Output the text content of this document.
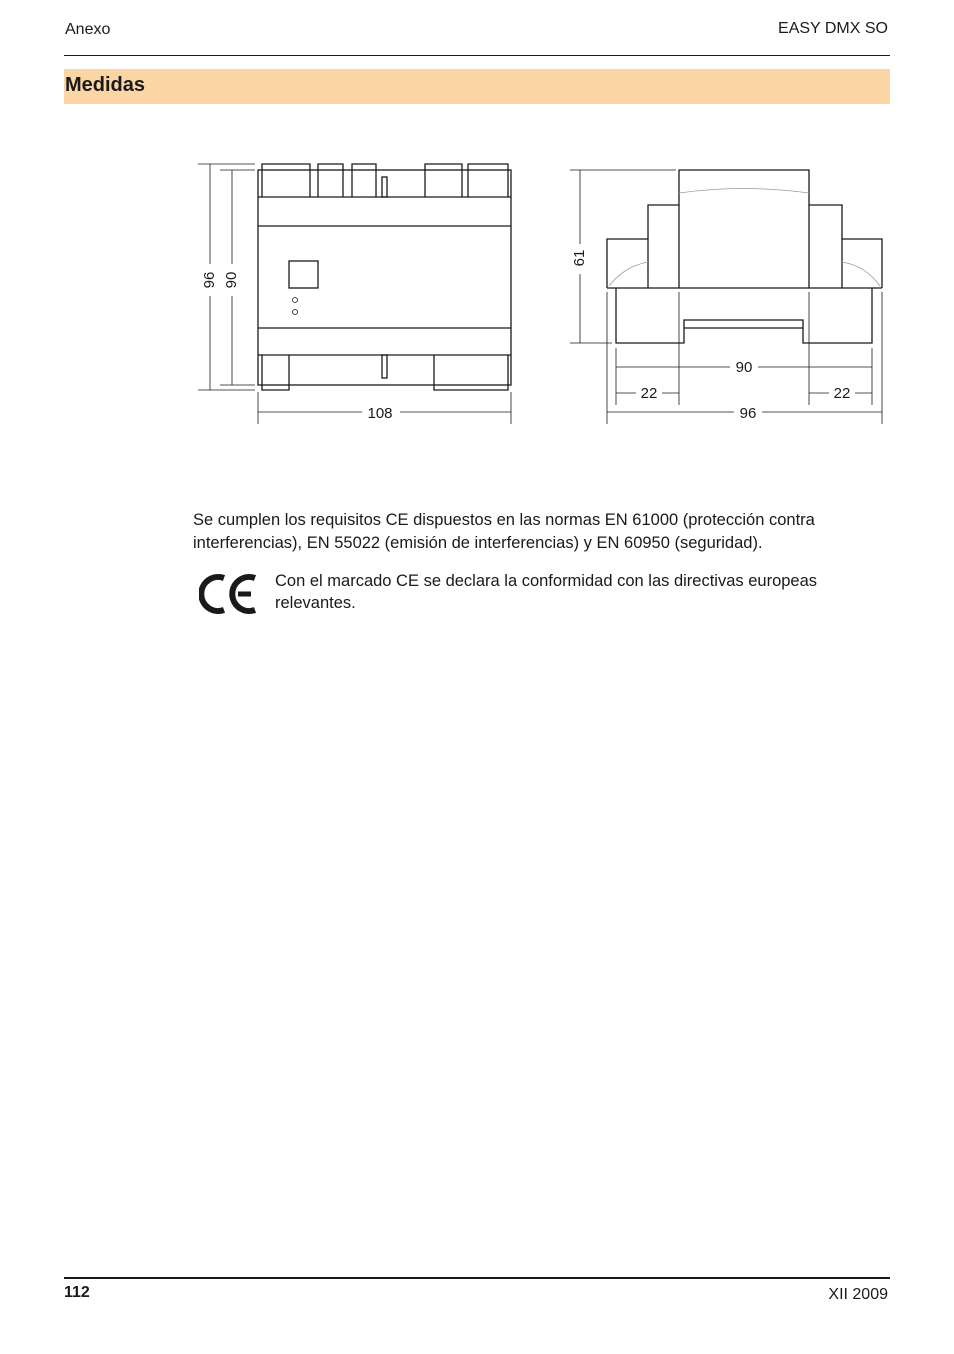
Anexo	EASY DMX SO
Medidas
96 90
108
61
90
22	22
96

Se cumplen los requisitos CE dispuestos en las normas EN 61000 (protección contra interferencias), EN 55022 (emisión de interferencias) y EN 60950 (seguridad).

Con el marcado CE se declara la conformidad con las directivas europeas relevantes.

112	XII 2009
